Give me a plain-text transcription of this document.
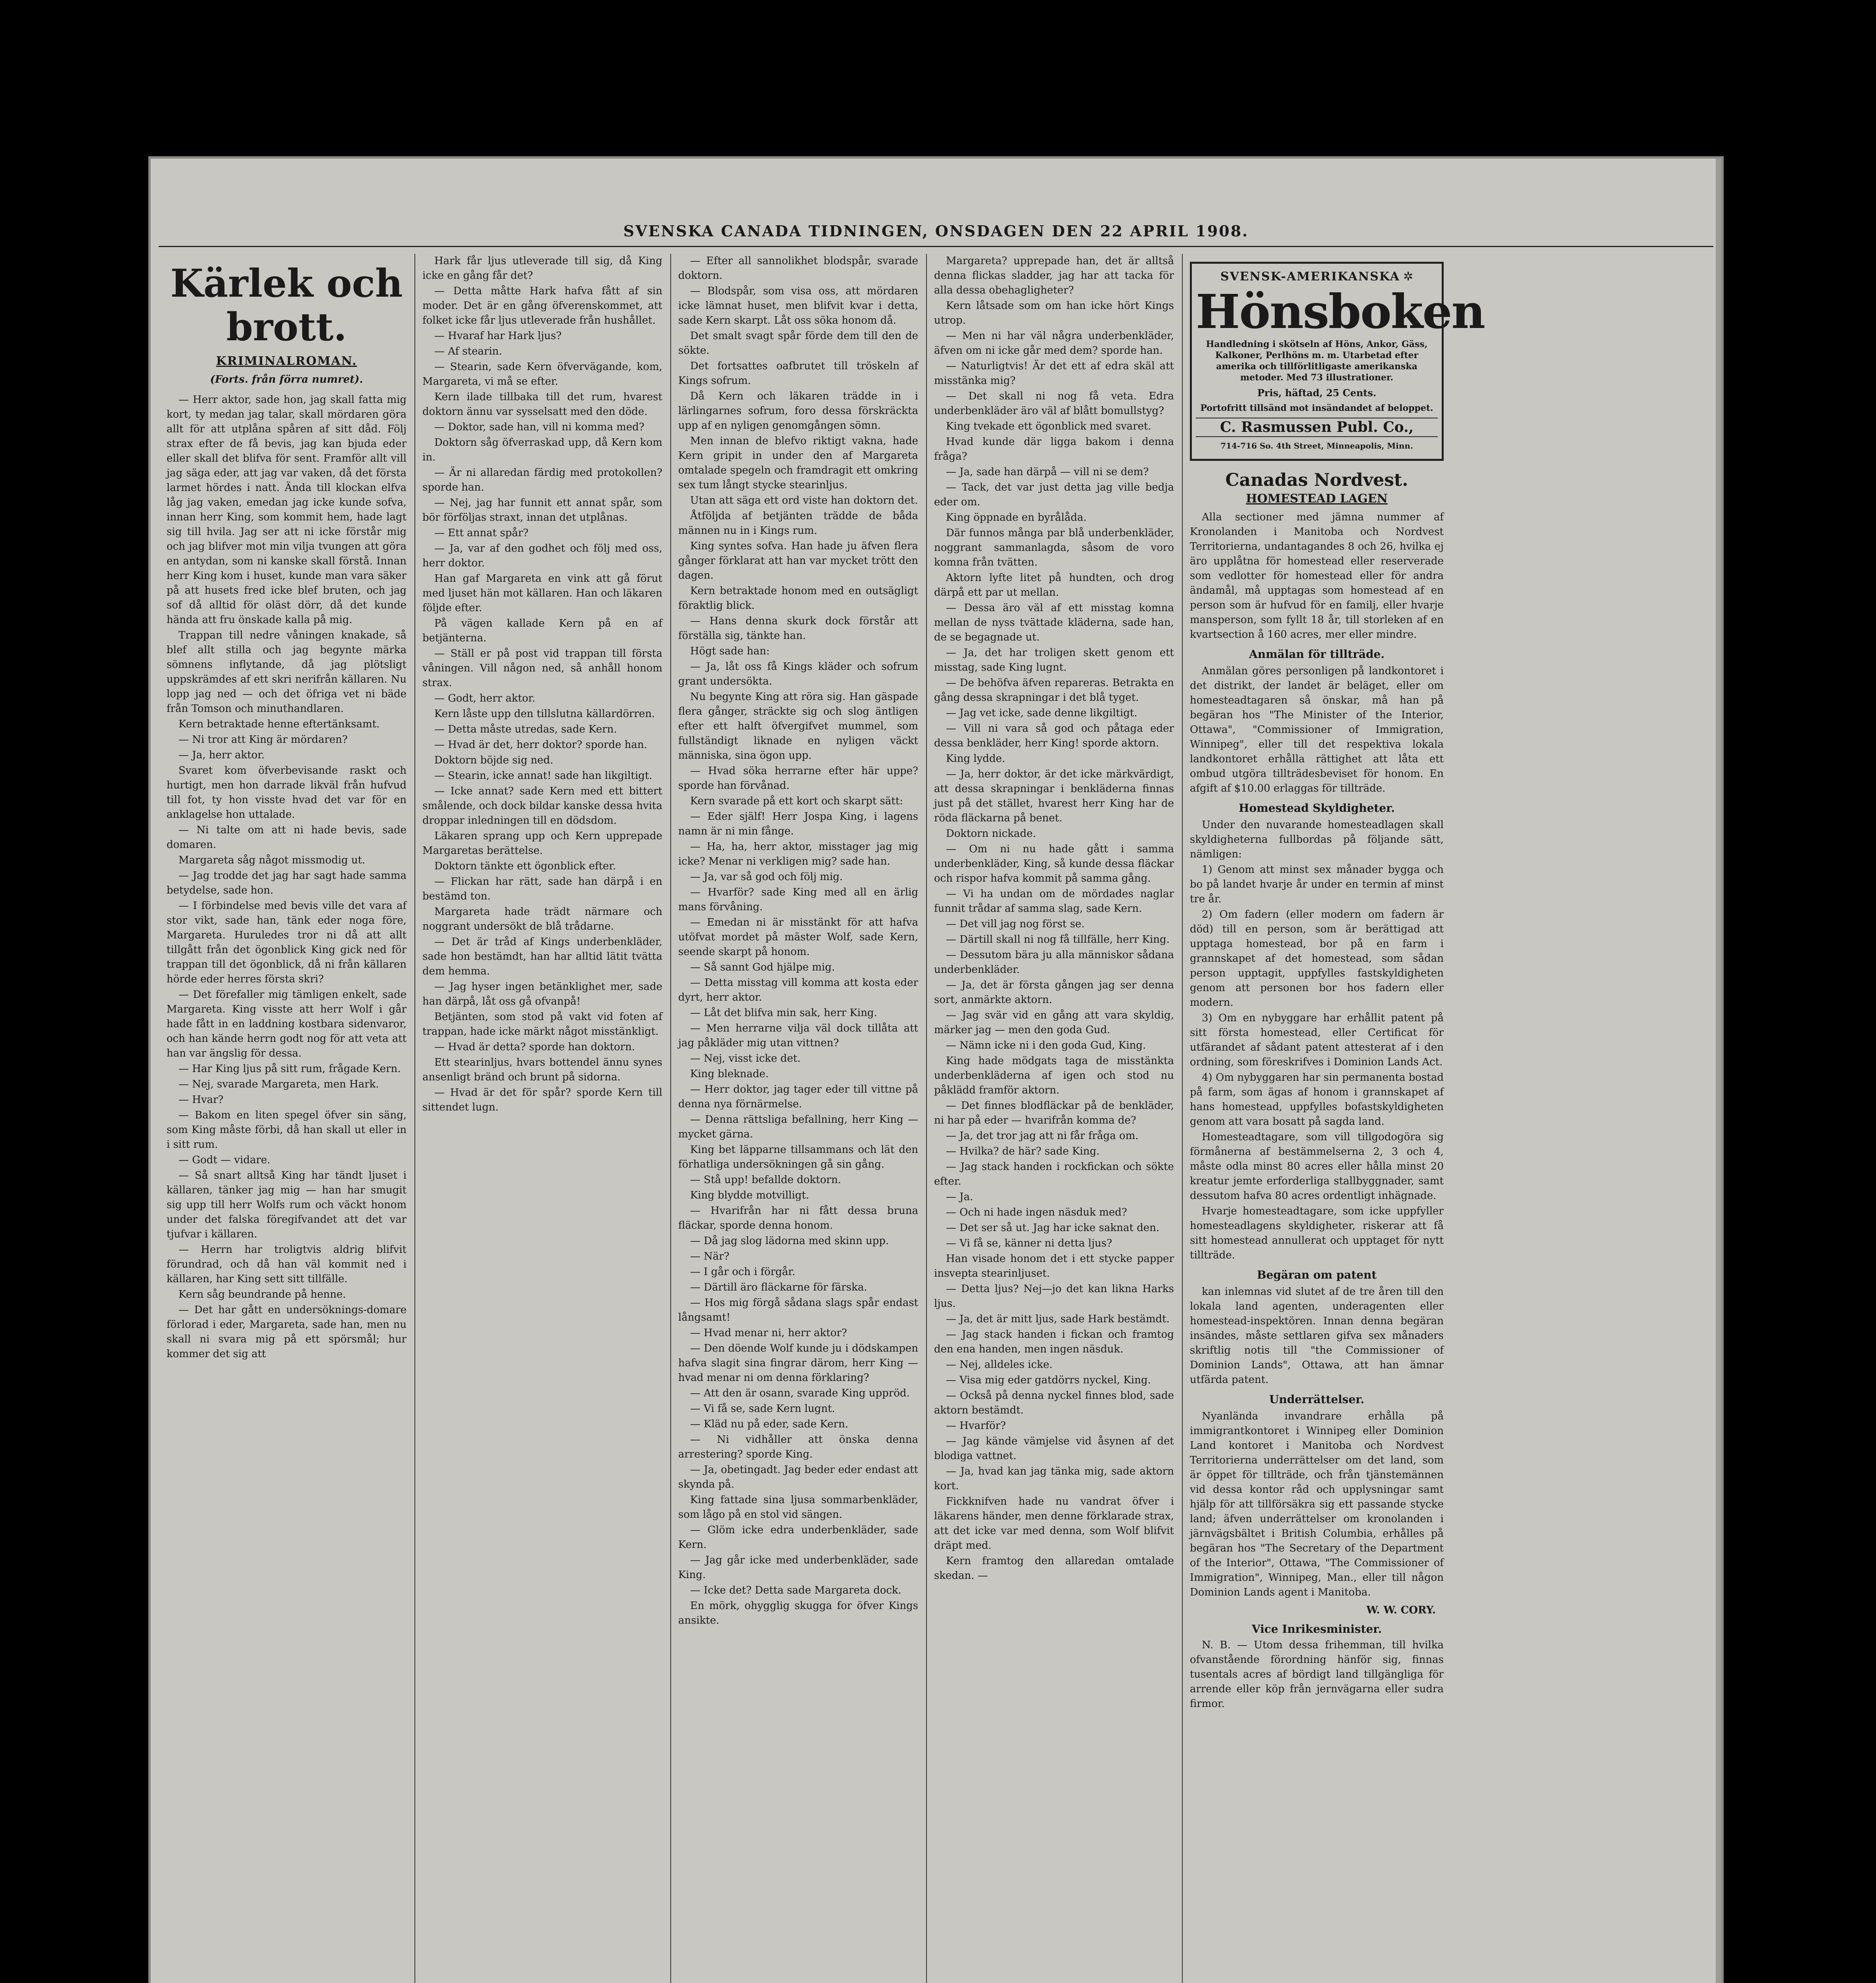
SVENSKA CANADA TIDNINGEN, ONSDAGEN DEN 22 APRIL 1908.
Kärlek och brott.
KRIMINALROMAN.
(Forts. från förra numret).

— Herr aktor, sade hon, jag skall fatta mig kort, ty medan jag talar, skall mördaren göra allt för att utplåna spåren af sitt dåd. Följ strax efter de få bevis, jag kan bjuda eder eller skall det blifva för sent. Framför allt vill jag säga eder, att jag var vaken, då det första larmet hördes i natt. Ända till klockan elfva låg jag vaken, emedan jag icke kunde sofva, innan herr King, som kommit hem, hade lagt sig till hvila. Jag ser att ni icke förstår mig och jag blifver mot min vilja tvungen att göra en antydan, som ni kanske skall förstå. Innan herr King kom i huset, kunde man vara säker på att husets fred icke blef bruten, och jag sof då alltid för oläst dörr, då det kunde hända att fru önskade kalla på mig.

Trappan till nedre våningen knakade, så blef allt stilla och jag begynte märka sömnens inflytande, då jag plötsligt uppskrämdes af ett skri nerifrån källaren. Nu lopp jag ned — och det öfriga vet ni bäde från Tomson och minuthandlaren.

Kern betraktade henne eftertänksamt.

— Ni tror att King är mördaren?

— Ja, herr aktor.

Svaret kom öfverbevisande raskt och hurtigt, men hon darrade likväl från hufvud till fot, ty hon visste hvad det var för en anklagelse hon uttalade.

— Ni talte om att ni hade bevis, sade domaren.

Margareta såg något missmodig ut.

— Jag trodde det jag har sagt hade samma betydelse, sade hon.

— I förbindelse med bevis ville det vara af stor vikt, sade han, tänk eder noga före, Margareta. Huruledes tror ni då att allt tillgått från det ögonblick King gick ned för trappan till det ögonblick, då ni från källaren hörde eder herres första skri?

— Det förefaller mig tämligen enkelt, sade Margareta. King visste att herr Wolf i går hade fått in en laddning kostbara sidenvaror, och han kände herrn godt nog för att veta att han var ängslig för dessa.

— Har King ljus på sitt rum, frågade Kern.

— Nej, svarade Margareta, men Hark.

— Hvar?

— Bakom en liten spegel öfver sin säng, som King måste förbi, då han skall ut eller in i sitt rum.

— Godt — vidare.

— Så snart alltså King har tändt ljuset i källaren, tänker jag mig — han har smugit sig upp till herr Wolfs rum och väckt honom under det falska föregifvandet att det var tjufvar i källaren.

— Herrn har troligtvis aldrig blifvit förundrad, och då han väl kommit ned i källaren, har King sett sitt tillfälle.

Kern såg beundrande på henne.

— Det har gått en undersöknings-domare förlorad i eder, Margareta, sade han, men nu skall ni svara mig på ett spörsmål; hur kommer det sig att

Hark får ljus utleverade till sig, då King icke en gång får det?

— Detta måtte Hark hafva fått af sin moder. Det är en gång öfverenskommet, att folket icke får ljus utleverade från hushållet.

— Hvaraf har Hark ljus?

— Af stearin.

— Stearin, sade Kern öfvervägande, kom, Margareta, vi må se efter.

Kern ilade tillbaka till det rum, hvarest doktorn ännu var sysselsatt med den döde.

— Doktor, sade han, vill ni komma med?

Doktorn såg öfverraskad upp, då Kern kom in.

— Är ni allaredan färdig med protokollen? sporde han.

— Nej, jag har funnit ett annat spår, som bör förföljas straxt, innan det utplånas.

— Ett annat spår?

— Ja, var af den godhet och följ med oss, herr doktor.

Han gaf Margareta en vink att gå förut med ljuset hän mot källaren. Han och läkaren följde efter.

På vägen kallade Kern på en af betjänterna.

— Ställ er på post vid trappan till första våningen. Vill någon ned, så anhåll honom strax.

— Godt, herr aktor.

Kern låste upp den tillslutna källardörren.

— Detta måste utredas, sade Kern.

— Hvad är det, herr doktor? sporde han.

Doktorn böjde sig ned.

— Stearin, icke annat! sade han likgiltigt.

— Icke annat? sade Kern med ett bittert smålende, och dock bildar kanske dessa hvita droppar inledningen till en dödsdom.

Läkaren sprang upp och Kern upprepade Margaretas berättelse.

Doktorn tänkte ett ögonblick efter.

— Flickan har rätt, sade han därpå i en bestämd ton.

Margareta hade trädt närmare och noggrant undersökt de blå trådarne.

— Det är tråd af Kings underbenkläder, sade hon bestämdt, han har alltid lätit tvätta dem hemma.

— Jag hyser ingen betänklighet mer, sade han därpå, låt oss gå ofvanpå!

Betjänten, som stod på vakt vid foten af trappan, hade icke märkt något misstänkligt.

— Hvad är detta? sporde han doktorn.

Ett stearinljus, hvars bottendel ännu synes ansenligt bränd och brunt på sidorna.

— Hvad är det för spår? sporde Kern till sittendet lugn.

— Efter all sannolikhet blodspår, svarade doktorn.

— Blodspår, som visa oss, att mördaren icke lämnat huset, men blifvit kvar i detta, sade Kern skarpt. Låt oss söka honom då.

Det smalt svagt spår förde dem till den de sökte.

Det fortsattes oafbrutet till tröskeln af Kings sofrum.

Då Kern och läkaren trädde in i lärlingarnes sofrum, foro dessa förskräckta upp af en nyligen genomgången sömn.

Men innan de blefvo riktigt vakna, hade Kern gripit in under den af Margareta omtalade spegeln och framdragit ett omkring sex tum långt stycke stearinljus.

Utan att säga ett ord viste han doktorn det.

Åtföljda af betjänten trädde de båda männen nu in i Kings rum.

King syntes sofva. Han hade ju äfven flera gånger förklarat att han var mycket trött den dagen.

Kern betraktade honom med en outsägligt föraktlig blick.

— Hans denna skurk dock förstår att förställa sig, tänkte han.

Högt sade han:

— Ja, låt oss få Kings kläder och sofrum grant undersökta.

Nu begynte King att röra sig. Han gäspade flera gånger, sträckte sig och slog äntligen efter ett halft öfvergifvet mummel, som fullständigt liknade en nyligen väckt människa, sina ögon upp.

— Hvad söka herrarne efter här uppe? sporde han förvånad.

Kern svarade på ett kort och skarpt sätt:

— Eder själf! Herr Jospa King, i lagens namn är ni min fånge.

— Ha, ha, herr aktor, misstager jag mig icke? Menar ni verkligen mig? sade han.

— Ja, var så god och följ mig.

— Hvarför? sade King med all en ärlig mans förvåning.

— Emedan ni är misstänkt för att hafva utöfvat mordet på mäster Wolf, sade Kern, seende skarpt på honom.

— Så sannt God hjälpe mig.

— Detta misstag vill komma att kosta eder dyrt, herr aktor.

— Låt det blifva min sak, herr King.

— Men herrarne vilja väl dock tillåta att jag påkläder mig utan vittnen?

— Nej, visst icke det.

King bleknade.

— Herr doktor, jag tager eder till vittne på denna nya förnärmelse.

— Denna rättsliga befallning, herr King — mycket gärna.

King bet läpparne tillsammans och lät den förhatliga undersökningen gå sin gång.

— Stå upp! befallde doktorn.

King blydde motvilligt.

— Hvarifrån har ni fått dessa bruna fläckar, sporde denna honom.

— Då jag slog lädorna med skinn upp.

— När?

— I går och i förgår.

— Därtill äro fläckarne för färska.

— Hos mig förgå sådana slags spår endast långsamt!

— Hvad menar ni, herr aktor?

— Den döende Wolf kunde ju i dödskampen hafva slagit sina fingrar därom, herr King — hvad menar ni om denna förklaring?

— Att den är osann, svarade King uppröd.

— Vi få se, sade Kern lugnt.

— Kläd nu på eder, sade Kern.

— Ni vidhåller att önska denna arrestering? sporde King.

— Ja, obetingadt. Jag beder eder endast att skynda på.

King fattade sina ljusa sommarbenkläder, som lågo på en stol vid sängen.

— Glöm icke edra underbenkläder, sade Kern.

— Jag går icke med underbenkläder, sade King.

— Icke det? Detta sade Margareta dock.

En mörk, ohygglig skugga for öfver Kings ansikte.

Margareta? upprepade han, det är alltså denna flickas sladder, jag har att tacka för alla dessa obehagligheter?

Kern låtsade som om han icke hört Kings utrop.

— Men ni har väl några underbenkläder, äfven om ni icke går med dem? sporde han.

— Naturligtvis! Är det ett af edra skäl att misstänka mig?

— Det skall ni nog få veta. Edra underbenkläder äro väl af blått bomullstyg?

King tvekade ett ögonblick med svaret.

Hvad kunde där ligga bakom i denna fråga?

— Ja, sade han därpå — vill ni se dem?

— Tack, det var just detta jag ville bedja eder om.

King öppnade en byrålåda.

Där funnos många par blå underbenkläder, noggrant sammanlagda, såsom de voro komna från tvätten.

Aktorn lyfte litet på hundten, och drog därpå ett par ut mellan.

— Dessa äro väl af ett misstag komna mellan de nyss tvättade kläderna, sade han, de se begagnade ut.

— Ja, det har troligen skett genom ett misstag, sade King lugnt.

— De behöfva äfven repareras. Betrakta en gång dessa skrapningar i det blå tyget.

— Jag vet icke, sade denne likgiltigt.

— Vill ni vara så god och påtaga eder dessa benkläder, herr King! sporde aktorn.

King lydde.

— Ja, herr doktor, är det icke märkvärdigt, att dessa skrapningar i benkläderna finnas just på det stället, hvarest herr King har de röda fläckarna på benet.

Doktorn nickade.

— Om ni nu hade gått i samma underbenkläder, King, så kunde dessa fläckar och rispor hafva kommit på samma gång.

— Vi ha undan om de mördades naglar funnit trådar af samma slag, sade Kern.

— Det vill jag nog först se.

— Därtill skall ni nog få tillfälle, herr King.

— Dessutom bära ju alla människor sådana underbenkläder.

— Ja, det är första gången jag ser denna sort, anmärkte aktorn.

— Jag svär vid en gång att vara skyldig, märker jag — men den goda Gud.

— Nämn icke ni i den goda Gud, King.

King hade mödgats taga de misstänkta underbenkläderna af igen och stod nu påklädd framför aktorn.

— Det finnes blodfläckar på de benkläder, ni har på eder — hvarifrån komma de?

— Ja, det tror jag att ni får fråga om.

— Hvilka? de här? sade King.

— Jag stack handen i rockfickan och sökte efter.

— Ja.

— Och ni hade ingen näsduk med?

— Det ser så ut. Jag har icke saknat den.

— Vi få se, känner ni detta ljus?

Han visade honom det i ett stycke papper insvepta stearinljuset.

— Detta ljus? Nej—jo det kan likna Harks ljus.

— Ja, det är mitt ljus, sade Hark bestämdt.

— Jag stack handen i fickan och framtog den ena handen, men ingen näsduk.

— Nej, alldeles icke.

— Visa mig eder gatdörrs nyckel, King.

— Också på denna nyckel finnes blod, sade aktorn bestämdt.

— Hvarför?

— Jag kände vämjelse vid åsynen af det blodiga vattnet.

— Ja, hvad kan jag tänka mig, sade aktorn kort.

Fickknifven hade nu vandrat öfver i läkarens händer, men denne förklarade strax, att det icke var med denna, som Wolf blifvit dräpt med.

Kern framtog den allaredan omtalade skedan. —

SVENSK-AMERIKANSKA ✲
Hönsboken
Handledning i skötseln af Höns, Ankor, Gäss, Kalkoner, Perlhöns m. m. Utarbetad efter amerika och tillförlitligaste amerikanska metoder. Med 73 illustrationer.
Pris, häftad, 25 Cents.
Portofritt tillsänd mot insändandet af beloppet.
C. Rasmussen Publ. Co.,
714-716 So. 4th Street, Minneapolis, Minn.
Canadas Nordvest.
HOMESTEAD LAGEN

Alla sectioner med jämna nummer af Kronolanden i Manitoba och Nordvest Territorierna, undantagandes 8 och 26, hvilka ej äro upplåtna för homestead eller reserverade som vedlotter för homestead eller för andra ändamål, må upptagas som homestead af en person som är hufvud för en familj, eller hvarje mansperson, som fyllt 18 år, till storleken af en kvartsection å 160 acres, mer eller mindre.

Anmälan för tillträde.

Anmälan göres personligen på landkontoret i det distrikt, der landet är beläget, eller om homesteadtagaren så önskar, må han på begäran hos "The Minister of the Interior, Ottawa", "Commissioner of Immigration, Winnipeg", eller till det respektiva lokala landkontoret erhålla rättighet att låta ett ombud utgöra tillträdesbeviset för honom. En afgift af $10.00 erlaggas för tillträde.

Homestead Skyldigheter.

Under den nuvarande homesteadlagen skall skyldigheterna fullbordas på följande sätt, nämligen:

1) Genom att minst sex månader bygga och bo på landet hvarje år under en termin af minst tre år.

2) Om fadern (eller modern om fadern är död) till en person, som är berättigad att upptaga homestead, bor på en farm i grannskapet af det homestead, som sådan person upptagit, uppfylles fastskyldigheten genom att personen bor hos fadern eller modern.

3) Om en nybyggare har erhållit patent på sitt första homestead, eller Certificat för utfärandet af sådant patent attesterat af i den ordning, som föreskrifves i Dominion Lands Act.

4) Om nybyggaren har sin permanenta bostad på farm, som ägas af honom i grannskapet af hans homestead, uppfylles bofastskyldigheten genom att vara bosatt på sagda land.

Homesteadtagare, som vill tillgodogöra sig förmånerna af bestämmelserna 2, 3 och 4, måste odla minst 80 acres eller hålla minst 20 kreatur jemte erforderliga stallbyggnader, samt dessutom hafva 80 acres ordentligt inhägnade.

Hvarje homesteadtagare, som icke uppfyller homesteadlagens skyldigheter, riskerar att få sitt homestead annullerat och upptaget för nytt tillträde.

Begäran om patent

kan inlemnas vid slutet af de tre åren till den lokala land agenten, underagenten eller homestead-inspektören. Innan denna begäran insändes, måste settlaren gifva sex månaders skriftlig notis till "the Commissioner of Dominion Lands", Ottawa, att han ämnar utfärda patent.

Underrättelser.

Nyanlända invandrare erhålla på immigrantkontoret i Winnipeg eller Dominion Land kontoret i Manitoba och Nordvest Territorierna underrättelser om det land, som är öppet för tillträde, och från tjänstemännen vid dessa kontor råd och upplysningar samt hjälp för att tillförsäkra sig ett passande stycke land; äfven underrättelser om kronolanden i järnvägsbältet i British Columbia, erhålles på begäran hos "The Secretary of the Department of the Interior", Ottawa, "The Commissioner of Immigration", Winnipeg, Man., eller till någon Dominion Lands agent i Manitoba.

W. W. CORY.
Vice Inrikesminister.

N. B. — Utom dessa frihemman, till hvilka ofvanstående förordning hänför sig, finnas tusentals acres af bördigt land tillgängliga för arrende eller köp från jernvägarna eller sudra firmor.
